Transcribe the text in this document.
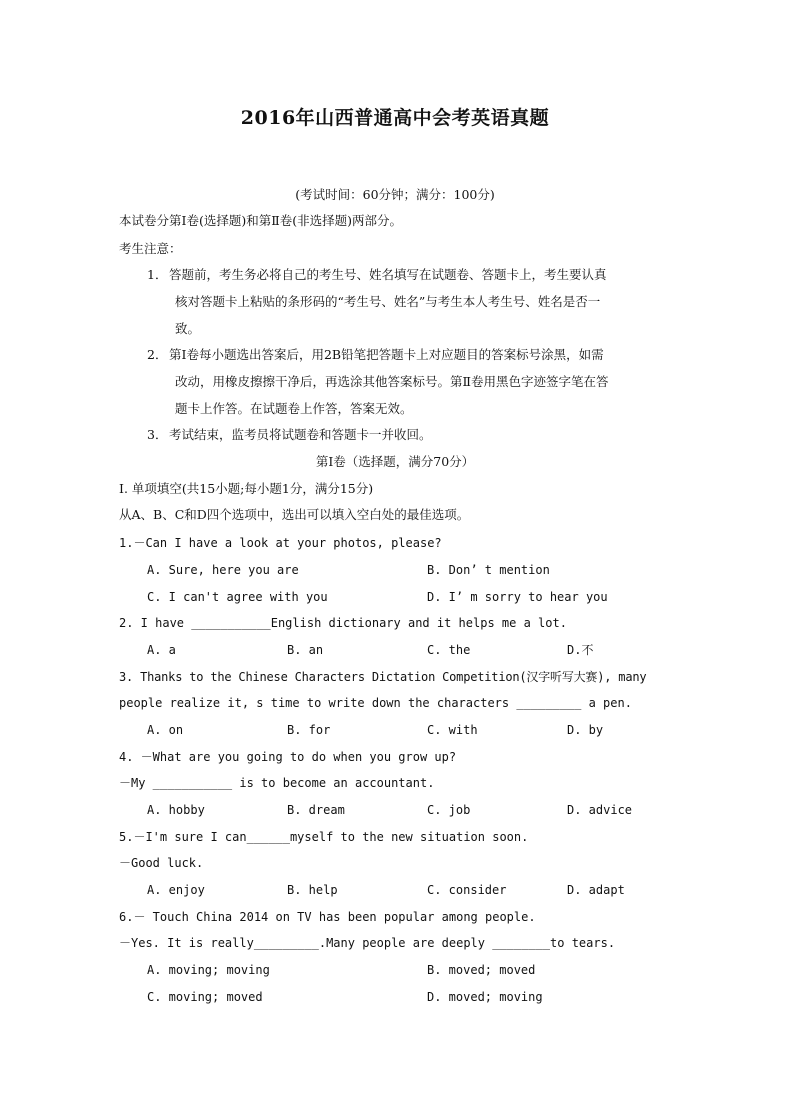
2016年山西普通高中会考英语真题
(考试时间：60分钟；满分：100分)
本试卷分第Ⅰ卷(选择题)和第Ⅱ卷(非选择题)两部分。
考生注意：
1． 答题前，考生务必将自己的考生号、姓名填写在试题卷、答题卡上，考生要认真
核对答题卡上粘贴的条形码的“考生号、姓名”与考生本人考生号、姓名是否一
致。
2． 第Ⅰ卷每小题选出答案后，用2B铅笔把答题卡上对应题目的答案标号涂黑，如需
改动，用橡皮擦擦干净后，再选涂其他答案标号。第Ⅱ卷用黑色字迹签字笔在答
题卡上作答。在试题卷上作答，答案无效。
3． 考试结束，监考员将试题卷和答题卡一并收回。
第Ⅰ卷（选择题，满分70分）
Ⅰ. 单项填空(共15小题;每小题1分，满分15分)
从A、B、C和D四个选项中，选出可以填入空白处的最佳选项。
1.－Can I have a look at your photos, please?
A. Sure, here you are	B. Don’ t mention
C. I can't agree with you	D. I’ m sorry to hear you
2. I have ___________English dictionary and it helps me a lot.
A. a	B. an	C. the	D.不
3. Thanks to the Chinese Characters Dictation Competition(汉字听写大赛), many
people realize it, s time to write down the characters _________ a pen.
A. on	B. for	C. with	D. by
4. －What are you going to do when you grow up?
－My ___________ is to become an accountant.
A. hobby	B. dream	C. job	D. advice
5.－I'm sure I can______myself to the new situation soon.
－Good luck.
A. enjoy	B. help	C. consider	D. adapt
6.－ Touch China 2014 on TV has been popular among people.
－Yes. It is really_________.Many people are deeply ________to tears.
A. moving; moving	B. moved; moved
C. moving; moved	D. moved; moving
